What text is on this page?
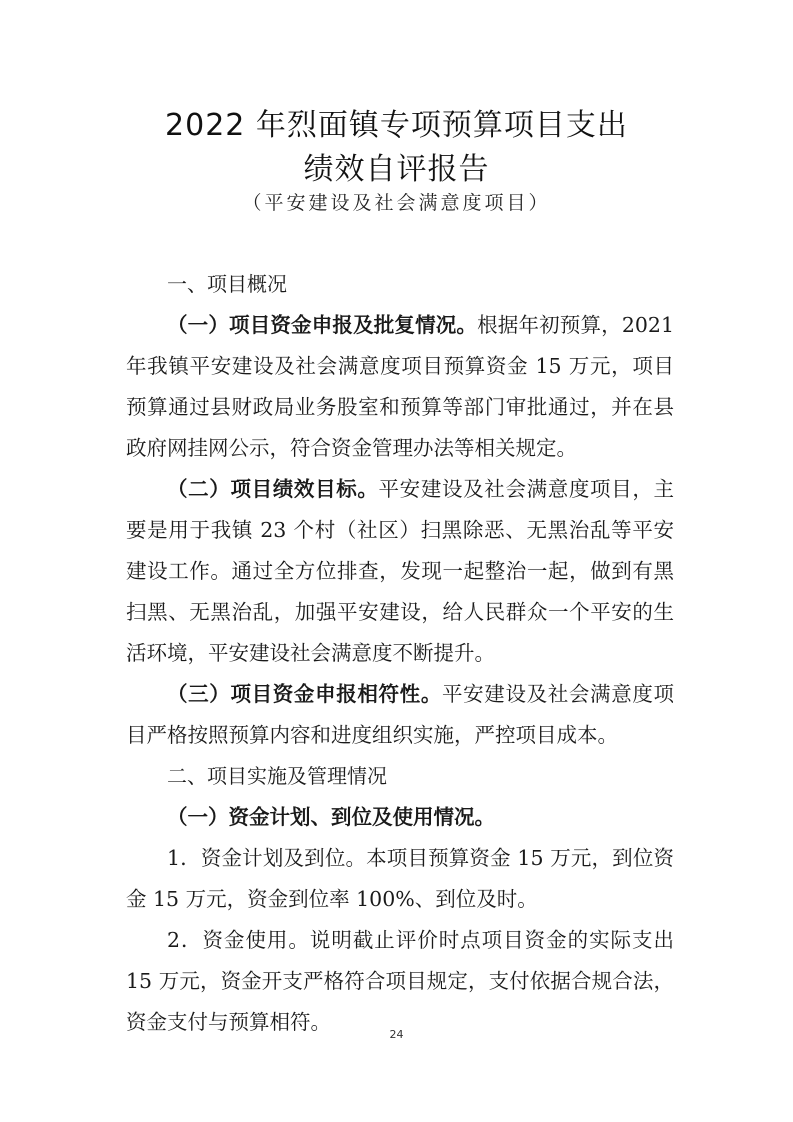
2022 年烈面镇专项预算项目支出
绩效自评报告
（平安建设及社会满意度项目）

一、项目概况

（一）项目资金申报及批复情况。根据年初预算，2021 年我镇平安建设及社会满意度项目预算资金 15 万元，项目预算通过县财政局业务股室和预算等部门审批通过，并在县政府网挂网公示，符合资金管理办法等相关规定。

（二）项目绩效目标。平安建设及社会满意度项目，主要是用于我镇 23 个村（社区）扫黑除恶、无黑治乱等平安建设工作。通过全方位排查，发现一起整治一起，做到有黑扫黑、无黑治乱，加强平安建设，给人民群众一个平安的生活环境，平安建设社会满意度不断提升。

（三）项目资金申报相符性。平安建设及社会满意度项目严格按照预算内容和进度组织实施，严控项目成本。

二、项目实施及管理情况

（一）资金计划、到位及使用情况。

1．资金计划及到位。本项目预算资金 15 万元，到位资金 15 万元，资金到位率 100%、到位及时。

2．资金使用。说明截止评价时点项目资金的实际支出 15 万元，资金开支严格符合项目规定，支付依据合规合法，资金支付与预算相符。

24
